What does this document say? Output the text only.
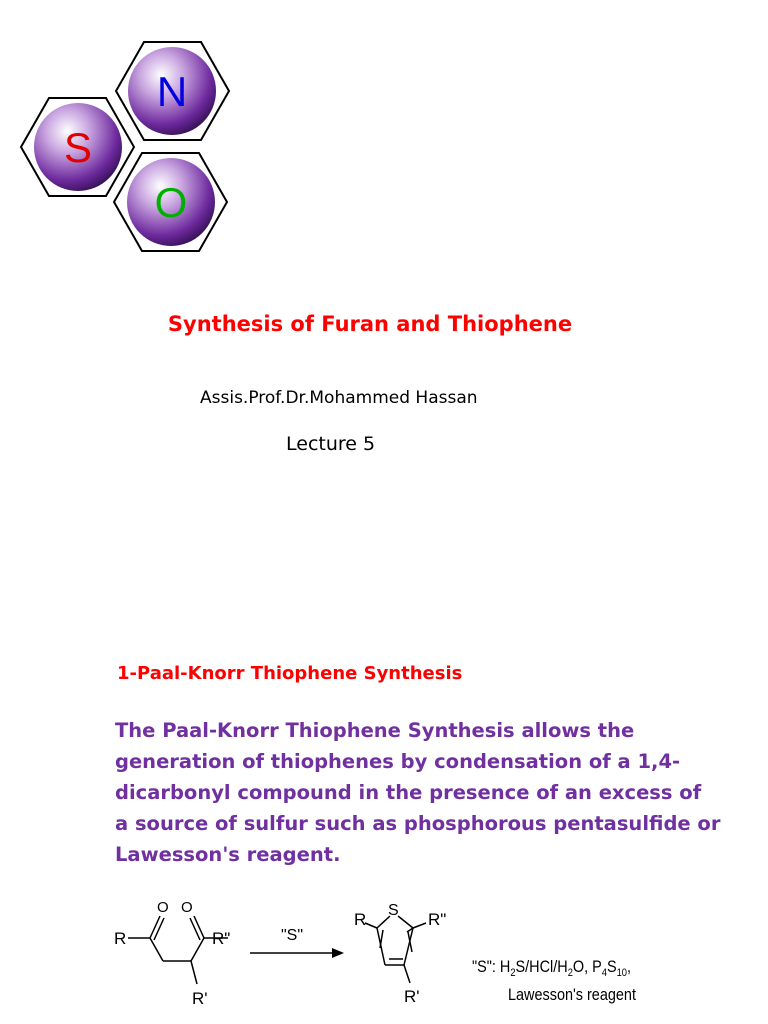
N
S
O
Synthesis of Furan and Thiophene
Assis.Prof.Dr.Mohammed Hassan
Lecture 5
1-Paal-Knorr Thiophene Synthesis
The Paal-Knorr Thiophene Synthesis allows the
generation of thiophenes by condensation of a 1,4-
dicarbonyl compound in the presence of an excess of
a source of sulfur such as phosphorous pentasulfide or
Lawesson's reagent.
O O
R	R"
R'
"S"
S
R	R"
R'
"S": $H_2S/HCl/H_2O$, $P_4S_{10}$,
Lawesson's reagent
